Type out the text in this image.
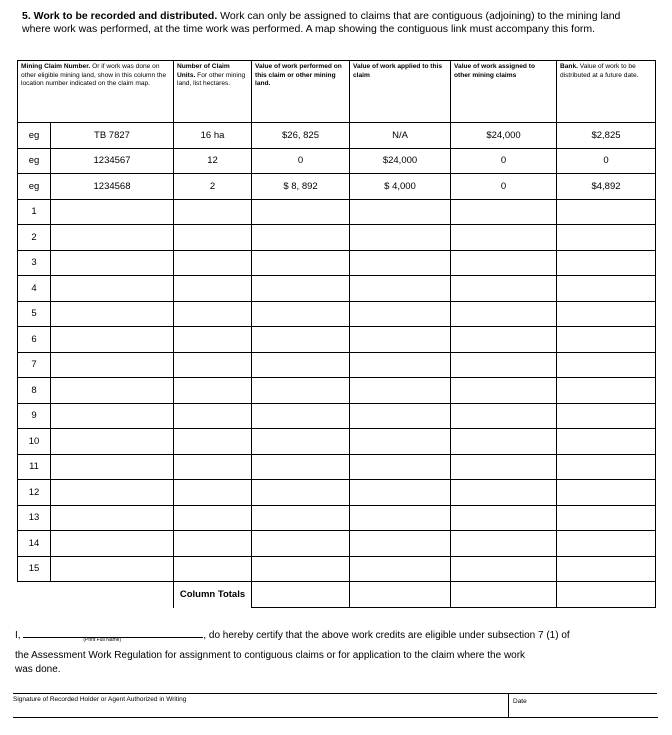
5. Work to be recorded and distributed. Work can only be assigned to claims that are contiguous (adjoining) to the mining land where work was performed, at the time work was performed. A map showing the contiguous link must accompany this form.
Mining Claim Number. Or if work was done on other eligible mining land, show in this column the location number indicated on the claim map.		Number of Claim Units. For other mining land, list hectares.	Value of work performed on this claim or other mining land.	Value of work applied to this claim	Value of work assigned to other mining claims	Bank. Value of work to be distributed at a future date.
eg	TB 7827	16 ha	$26, 825	N/A	$24,000	$2,825
eg	1234567	12	0	$24,000	0	0
eg	1234568	2	$ 8, 892	$ 4,000	0	$4,892
1						
2						
3						
4						
5						
6						
7						
8						
9						
10						
11						
12						
13						
14						
15						
		Column Totals				
I,	(Print Full Name)	, do hereby certify that the above work credits are eligible under subsection 7 (1) of
the Assessment Work Regulation for assignment to contiguous claims or for application to the claim where the work
was done.
Signature of Recorded Holder or Agent Authorized in Writing	Date
